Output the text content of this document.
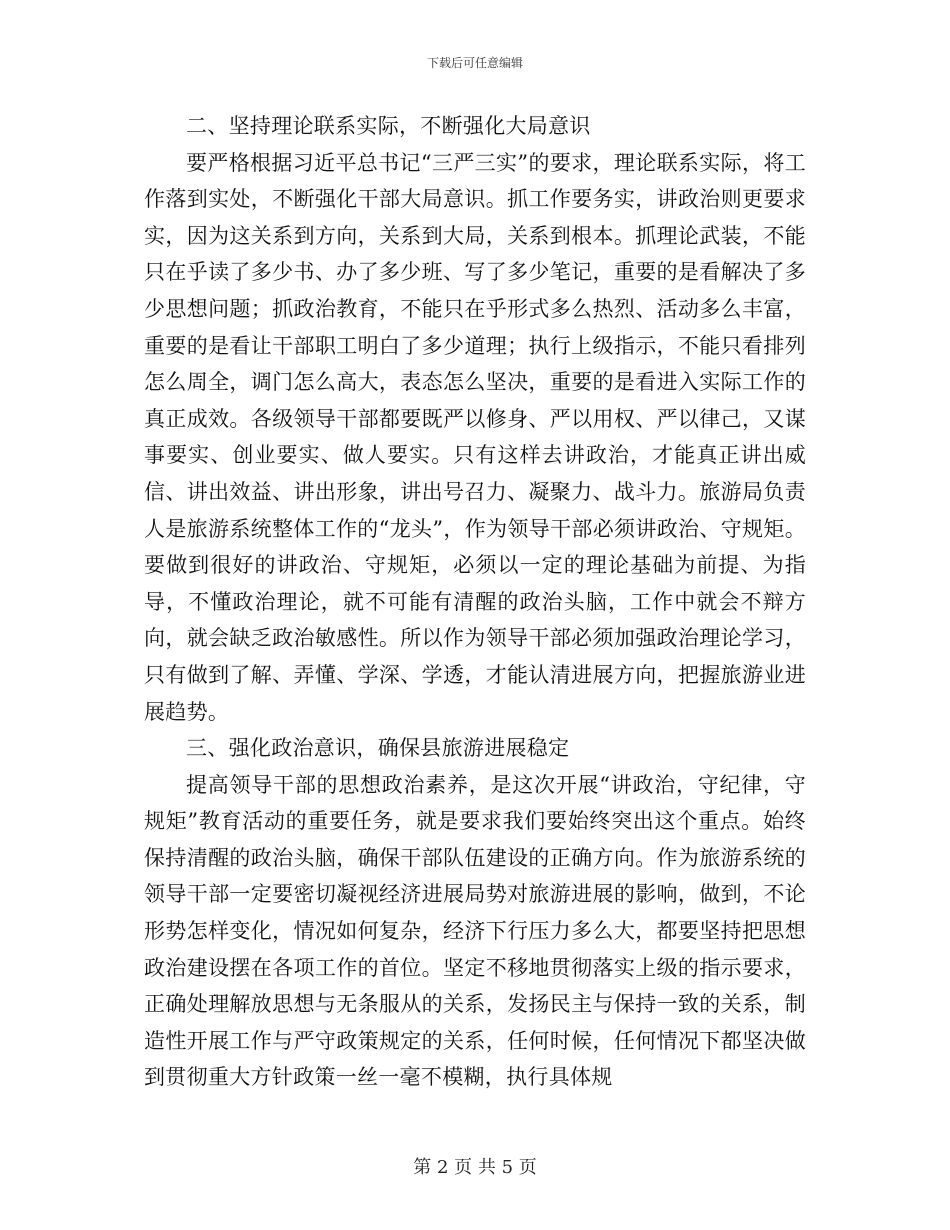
下载后可任意编辑

二、坚持理论联系实际，不断强化大局意识

要严格根据习近平总书记“三严三实”的要求，理论联系实际，将工作落到实处，不断强化干部大局意识。抓工作要务实，讲政治则更要求实，因为这关系到方向，关系到大局，关系到根本。抓理论武装，不能只在乎读了多少书、办了多少班、写了多少笔记，重要的是看解决了多少思想问题；抓政治教育，不能只在乎形式多么热烈、活动多么丰富，重要的是看让干部职工明白了多少道理；执行上级指示，不能只看排列怎么周全，调门怎么高大，表态怎么坚决，重要的是看进入实际工作的真正成效。各级领导干部都要既严以修身、严以用权、严以律己，又谋事要实、创业要实、做人要实。只有这样去讲政治，才能真正讲出威信、讲出效益、讲出形象，讲出号召力、凝聚力、战斗力。旅游局负责人是旅游系统整体工作的“龙头”，作为领导干部必须讲政治、守规矩。要做到很好的讲政治、守规矩，必须以一定的理论基础为前提、为指导，不懂政治理论，就不可能有清醒的政治头脑，工作中就会不辩方向，就会缺乏政治敏感性。所以作为领导干部必须加强政治理论学习，只有做到了解、弄懂、学深、学透，才能认清进展方向，把握旅游业进展趋势。

三、强化政治意识，确保县旅游进展稳定

提高领导干部的思想政治素养，是这次开展“讲政治，守纪律，守规矩”教育活动的重要任务，就是要求我们要始终突出这个重点。始终保持清醒的政治头脑，确保干部队伍建设的正确方向。作为旅游系统的领导干部一定要密切凝视经济进展局势对旅游进展的影响，做到，不论形势怎样变化，情况如何复杂，经济下行压力多么大，都要坚持把思想政治建设摆在各项工作的首位。坚定不移地贯彻落实上级的指示要求，正确处理解放思想与无条服从的关系，发扬民主与保持一致的关系，制造性开展工作与严守政策规定的关系，任何时候，任何情况下都坚决做到贯彻重大方针政策一丝一毫不模糊，执行具体规

第 2 页 共 5 页
